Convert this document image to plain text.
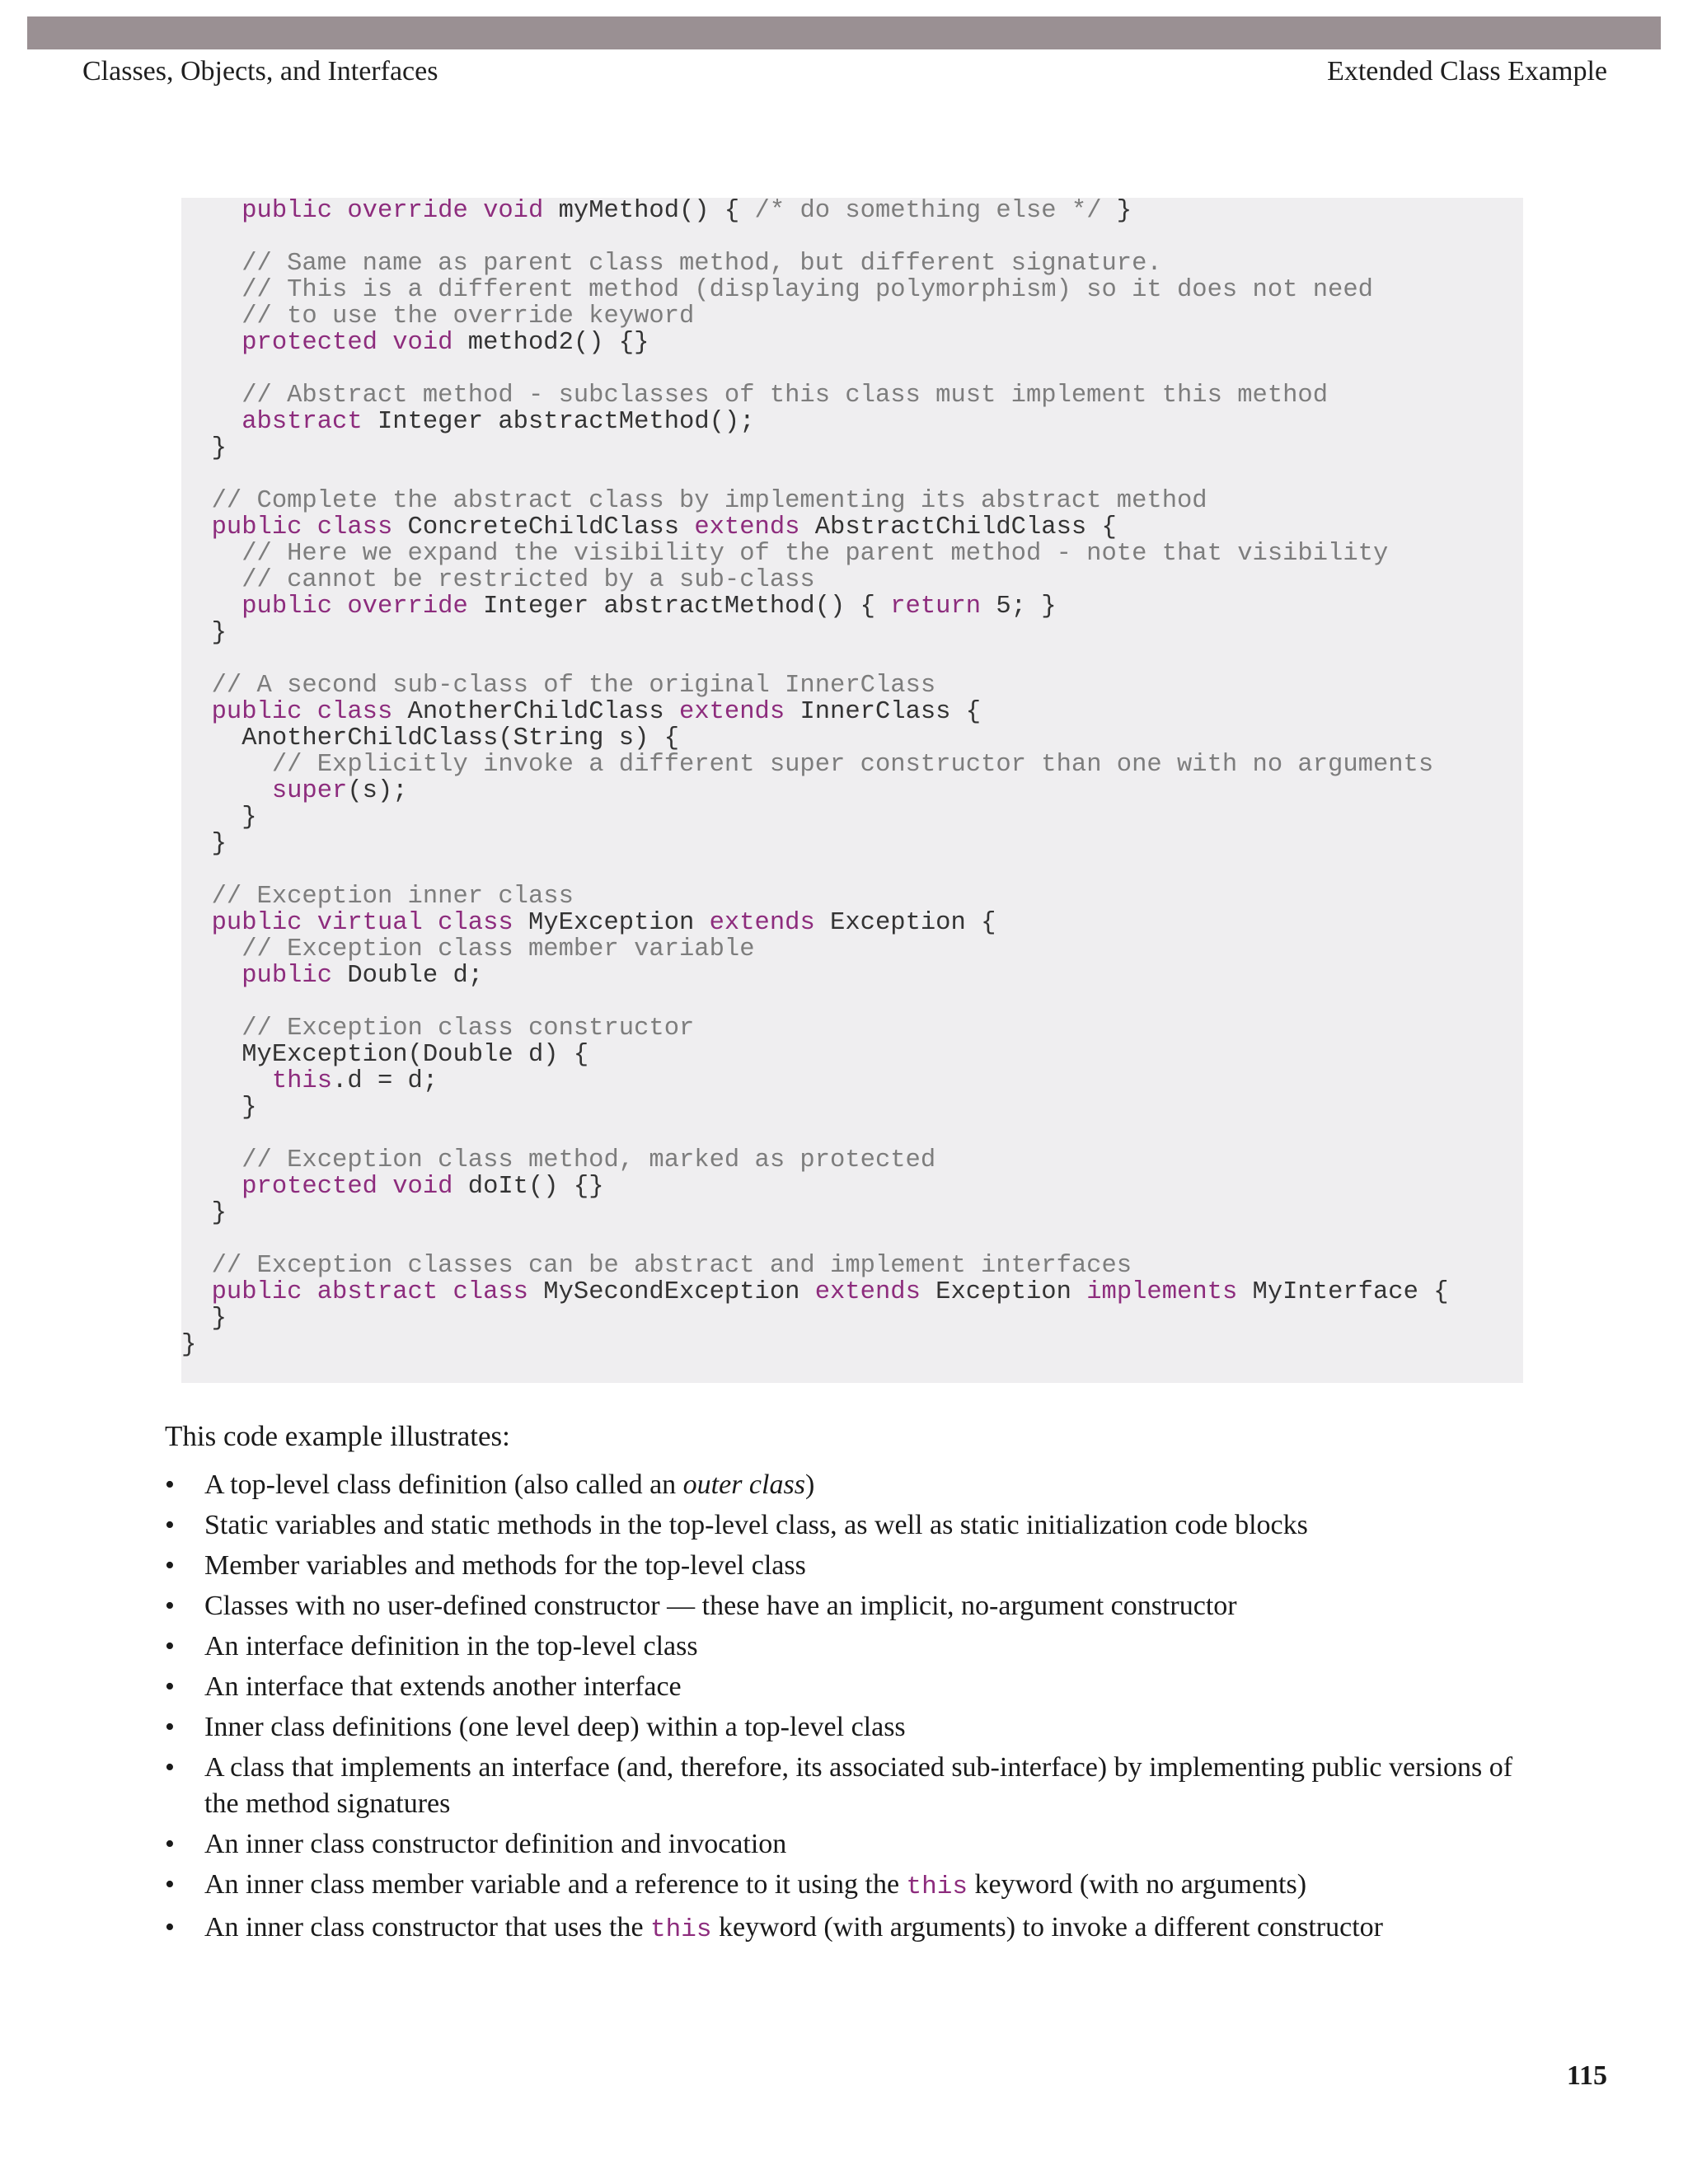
Classes, Objects, and Interfaces	Extended Class Example
public override void myMethod() { /* do something else */ }
// Same name as parent class method, but different signature.
// This is a different method (displaying polymorphism) so it does not need
// to use the override keyword
protected void method2() {}
// Abstract method - subclasses of this class must implement this method
abstract Integer abstractMethod();
}
// Complete the abstract class by implementing its abstract method
public class ConcreteChildClass extends AbstractChildClass {
// Here we expand the visibility of the parent method - note that visibility
// cannot be restricted by a sub-class
public override Integer abstractMethod() { return 5; }
}
// A second sub-class of the original InnerClass
public class AnotherChildClass extends InnerClass {
AnotherChildClass(String s) {
// Explicitly invoke a different super constructor than one with no arguments
super(s);
}
}
// Exception inner class
public virtual class MyException extends Exception {
// Exception class member variable
public Double d;
// Exception class constructor
MyException(Double d) {
this.d = d;
}
// Exception class method, marked as protected
protected void doIt() {}
}
// Exception classes can be abstract and implement interfaces
public abstract class MySecondException extends Exception implements MyInterface {
}
}
This code example illustrates:
• A top-level class definition (also called an outer class)
• Static variables and static methods in the top-level class, as well as static initialization code blocks
• Member variables and methods for the top-level class
• Classes with no user-defined constructor — these have an implicit, no-argument constructor
• An interface definition in the top-level class
• An interface that extends another interface
• Inner class definitions (one level deep) within a top-level class
• A class that implements an interface (and, therefore, its associated sub-interface) by implementing public versions of the method signatures
• An inner class constructor definition and invocation
• An inner class member variable and a reference to it using the this keyword (with no arguments)
• An inner class constructor that uses the this keyword (with arguments) to invoke a different constructor
115
